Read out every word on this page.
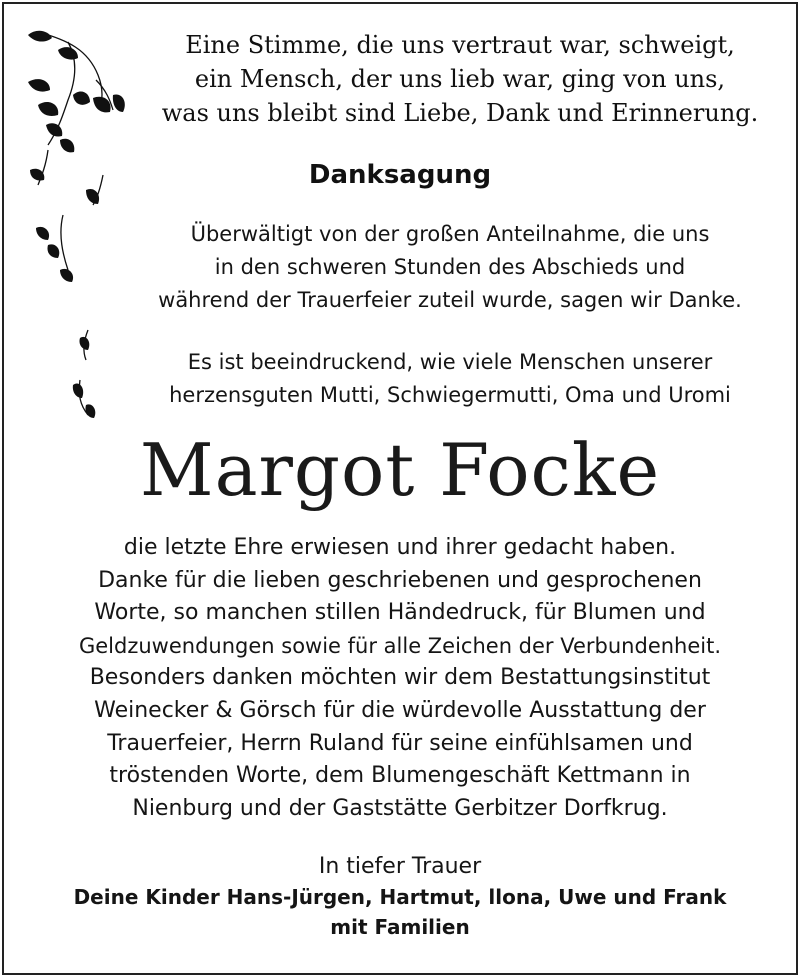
Eine Stimme, die uns vertraut war, schweigt,
ein Mensch, der uns lieb war, ging von uns,
was uns bleibt sind Liebe, Dank und Erinnerung.
Danksagung
Überwältigt von der großen Anteilnahme, die uns
in den schweren Stunden des Abschieds und
während der Trauerfeier zuteil wurde, sagen wir Danke.
Es ist beeindruckend, wie viele Menschen unserer
herzensguten Mutti, Schwiegermutti, Oma und Uromi
Margot Focke
die letzte Ehre erwiesen und ihrer gedacht haben.
Danke für die lieben geschriebenen und gesprochenen
Worte, so manchen stillen Händedruck, für Blumen und
Geldzuwendungen sowie für alle Zeichen der Verbundenheit.
Besonders danken möchten wir dem Bestattungsinstitut
Weinecker & Görsch für die würdevolle Ausstattung der
Trauerfeier, Herrn Ruland für seine einfühlsamen und
tröstenden Worte, dem Blumengeschäft Kettmann in
Nienburg und der Gaststätte Gerbitzer Dorfkrug.
In tiefer Trauer
Deine Kinder Hans-Jürgen, Hartmut, llona, Uwe und Frank
mit Familien
